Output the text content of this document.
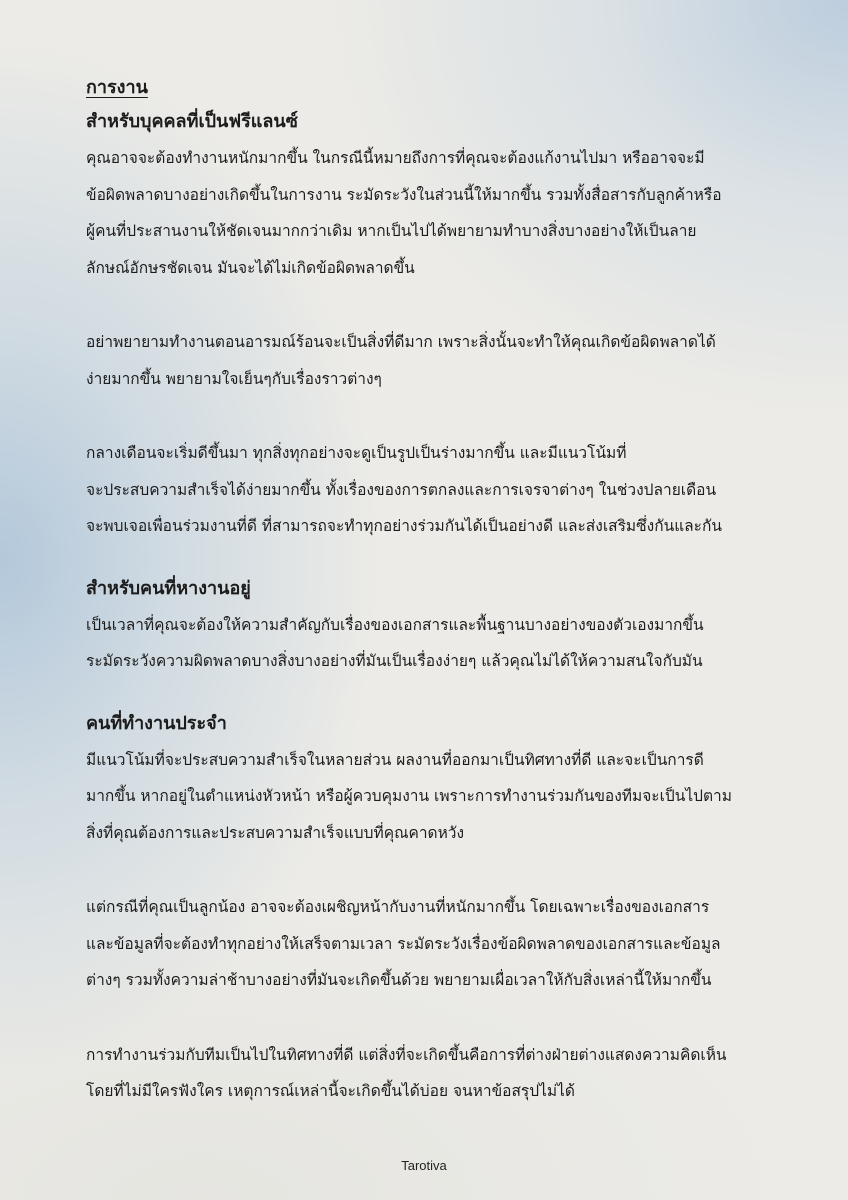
การงาน
สำหรับบุคคลที่เป็นฟรีแลนซ์

คุณอาจจะต้องทำงานหนักมากขึ้น ในกรณีนี้หมายถึงการที่คุณจะต้องแก้งานไปมา หรืออาจจะมี
ข้อผิดพลาดบางอย่างเกิดขึ้นในการงาน ระมัดระวังในส่วนนี้ให้มากขึ้น รวมทั้งสื่อสารกับลูกค้าหรือ
ผู้คนที่ประสานงานให้ชัดเจนมากกว่าเดิม หากเป็นไปได้พยายามทำบางสิ่งบางอย่างให้เป็นลาย
ลักษณ์อักษรชัดเจน มันจะได้ไม่เกิดข้อผิดพลาดขึ้น

อย่าพยายามทำงานตอนอารมณ์ร้อนจะเป็นสิ่งที่ดีมาก เพราะสิ่งนั้นจะทำให้คุณเกิดข้อผิดพลาดได้
ง่ายมากขึ้น พยายามใจเย็นๆกับเรื่องราวต่างๆ

กลางเดือนจะเริ่มดีขึ้นมา ทุกสิ่งทุกอย่างจะดูเป็นรูปเป็นร่างมากขึ้น และมีแนวโน้มที่
จะประสบความสำเร็จได้ง่ายมากขึ้น ทั้งเรื่องของการตกลงและการเจรจาต่างๆ ในช่วงปลายเดือน
จะพบเจอเพื่อนร่วมงานที่ดี ที่สามารถจะทำทุกอย่างร่วมกันได้เป็นอย่างดี และส่งเสริมซึ่งกันและกัน

สำหรับคนที่หางานอยู่

เป็นเวลาที่คุณจะต้องให้ความสำคัญกับเรื่องของเอกสารและพื้นฐานบางอย่างของตัวเองมากขึ้น
ระมัดระวังความผิดพลาดบางสิ่งบางอย่างที่มันเป็นเรื่องง่ายๆ แล้วคุณไม่ได้ให้ความสนใจกับมัน

คนที่ทำงานประจำ

มีแนวโน้มที่จะประสบความสำเร็จในหลายส่วน ผลงานที่ออกมาเป็นทิศทางที่ดี และจะเป็นการดี
มากขึ้น หากอยู่ในตำแหน่งหัวหน้า หรือผู้ควบคุมงาน เพราะการทำงานร่วมกันของทีมจะเป็นไปตาม
สิ่งที่คุณต้องการและประสบความสำเร็จแบบที่คุณคาดหวัง

แต่กรณีที่คุณเป็นลูกน้อง อาจจะต้องเผชิญหน้ากับงานที่หนักมากขึ้น โดยเฉพาะเรื่องของเอกสาร
และข้อมูลที่จะต้องทำทุกอย่างให้เสร็จตามเวลา ระมัดระวังเรื่องข้อผิดพลาดของเอกสารและข้อมูล
ต่างๆ รวมทั้งความล่าช้าบางอย่างที่มันจะเกิดขึ้นด้วย พยายามเผื่อเวลาให้กับสิ่งเหล่านี้ให้มากขึ้น

การทำงานร่วมกับทีมเป็นไปในทิศทางที่ดี แต่สิ่งที่จะเกิดขึ้นคือการที่ต่างฝ่ายต่างแสดงความคิดเห็น
โดยที่ไม่มีใครฟังใคร เหตุการณ์เหล่านี้จะเกิดขึ้นได้บ่อย จนหาข้อสรุปไม่ได้

Tarotiva
